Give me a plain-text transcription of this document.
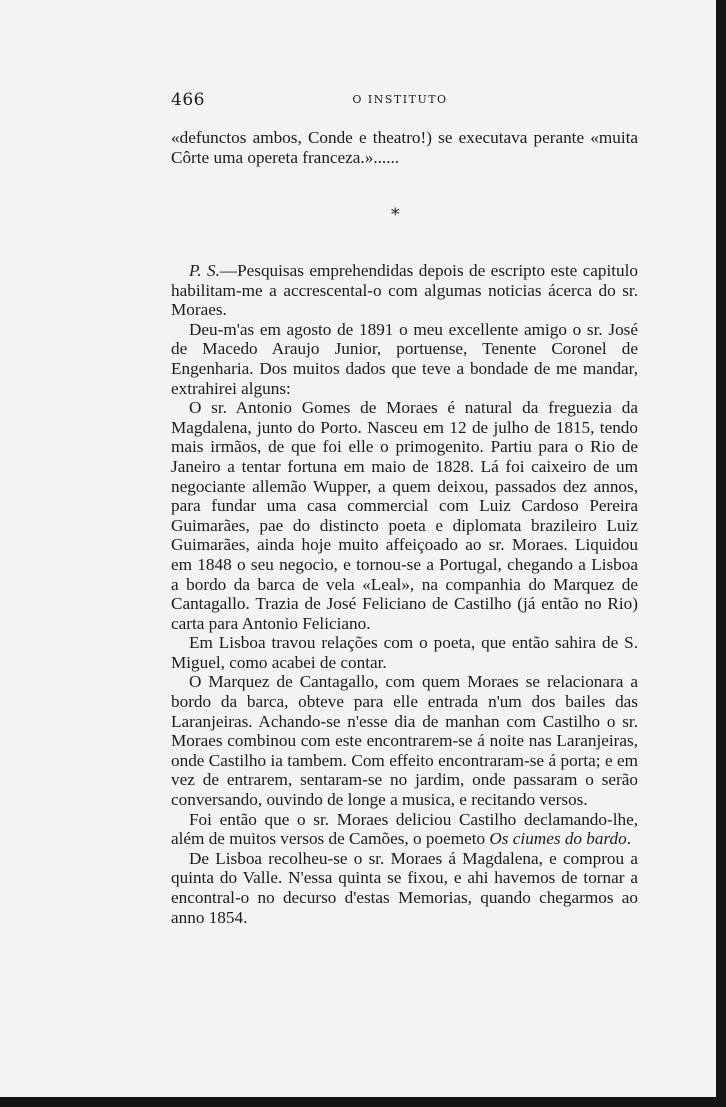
466	O INSTITUTO

«defunctos ambos, Conde e theatro!) se executava perante «muita Côrte uma opereta franceza.»......

*

P. S.—Pesquisas emprehendidas depois de escripto este capitulo habilitam-me a accrescental-o com algumas noticias ácerca do sr. Moraes.

Deu-m'as em agosto de 1891 o meu excellente amigo o sr. José de Macedo Araujo Junior, portuense, Tenente Coronel de Engenharia. Dos muitos dados que teve a bondade de me mandar, extrahirei alguns:

O sr. Antonio Gomes de Moraes é natural da freguezia da Magdalena, junto do Porto. Nasceu em 12 de julho de 1815, tendo mais irmãos, de que foi elle o primogenito. Partiu para o Rio de Janeiro a tentar fortuna em maio de 1828. Lá foi caixeiro de um negociante allemão Wupper, a quem deixou, passados dez annos, para fundar uma casa commercial com Luiz Cardoso Pereira Guimarães, pae do distincto poeta e diplomata brazileiro Luiz Guimarães, ainda hoje muito affeiçoado ao sr. Moraes. Liquidou em 1848 o seu negocio, e tornou-se a Portugal, chegando a Lisboa a bordo da barca de vela «Leal», na companhia do Marquez de Cantagallo. Trazia de José Feliciano de Castilho (já então no Rio) carta para Antonio Feliciano.

Em Lisboa travou relações com o poeta, que então sahira de S. Miguel, como acabei de contar.

O Marquez de Cantagallo, com quem Moraes se relacionara a bordo da barca, obteve para elle entrada n'um dos bailes das Laranjeiras. Achando-se n'esse dia de manhan com Castilho o sr. Moraes combinou com este encontrarem-se á noite nas Laranjeiras, onde Castilho ia tambem. Com effeito encontraram-se á porta; e em vez de entrarem, sentaram-se no jardim, onde passaram o serão conversando, ouvindo de longe a musica, e recitando versos.

Foi então que o sr. Moraes deliciou Castilho declamando-lhe, além de muitos versos de Camões, o poemeto Os ciumes do bardo.

De Lisboa recolheu-se o sr. Moraes á Magdalena, e comprou a quinta do Valle. N'essa quinta se fixou, e ahi havemos de tornar a encontral-o no decurso d'estas Memorias, quando chegarmos ao anno 1854.
